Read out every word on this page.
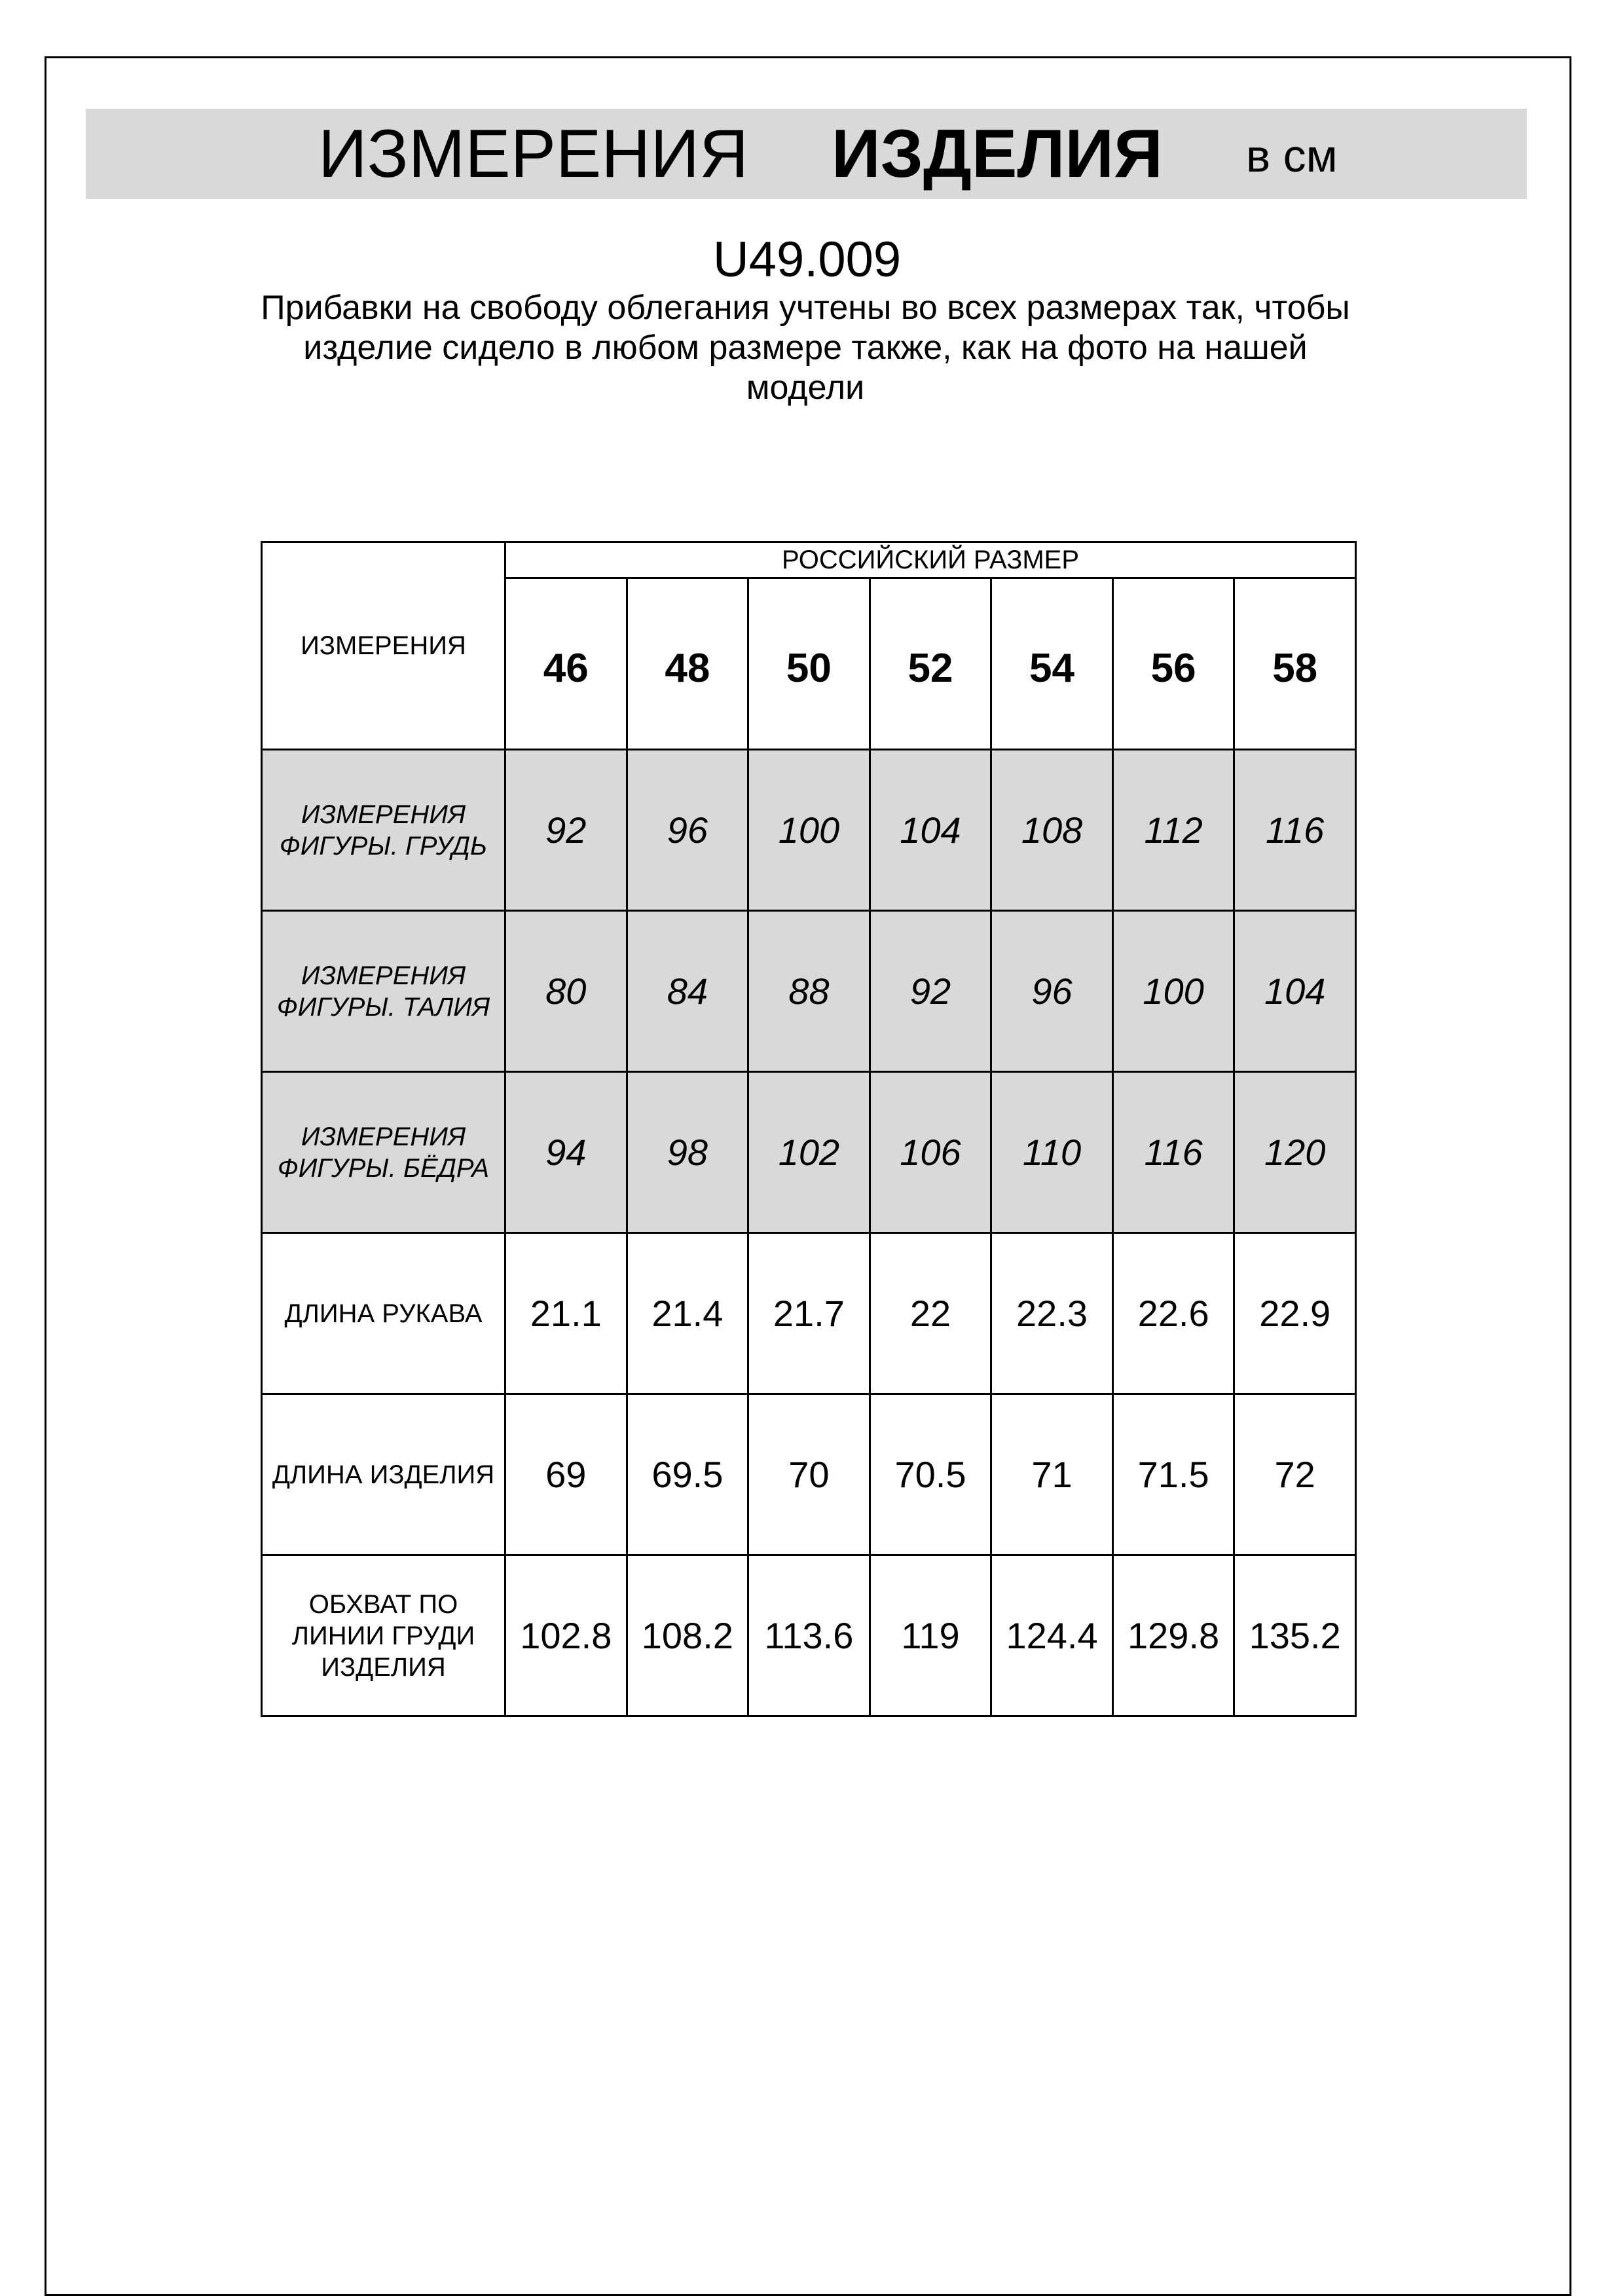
ИЗМЕРЕНИЯ ИЗДЕЛИЯ в см
U49.009
Прибавки на свободу облегания учтены во всех размерах так, чтобы изделие сидело в любом размере также, как на фото на нашей модели
ИЗМЕРЕНИЯ	РОССИЙСКИЙ РАЗМЕР						
	46	48	50	52	54	56	58

ИЗМЕРЕНИЯ
ФИГУРЫ. ГРУДЬ	92	96	100	104	108	112	116

ИЗМЕРЕНИЯ
ФИГУРЫ. ТАЛИЯ	80	84	88	92	96	100	104

ИЗМЕРЕНИЯ
ФИГУРЫ. БЁДРА	94	98	102	106	110	116	120

ДЛИНА РУКАВА	21.1	21.4	21.7	22	22.3	22.6	22.9

ДЛИНА ИЗДЕЛИЯ	69	69.5	70	70.5	71	71.5	72

ОБХВАТ ПО
ЛИНИИ ГРУДИ
ИЗДЕЛИЯ	102.8	108.2	113.6	119	124.4	129.8	135.2
